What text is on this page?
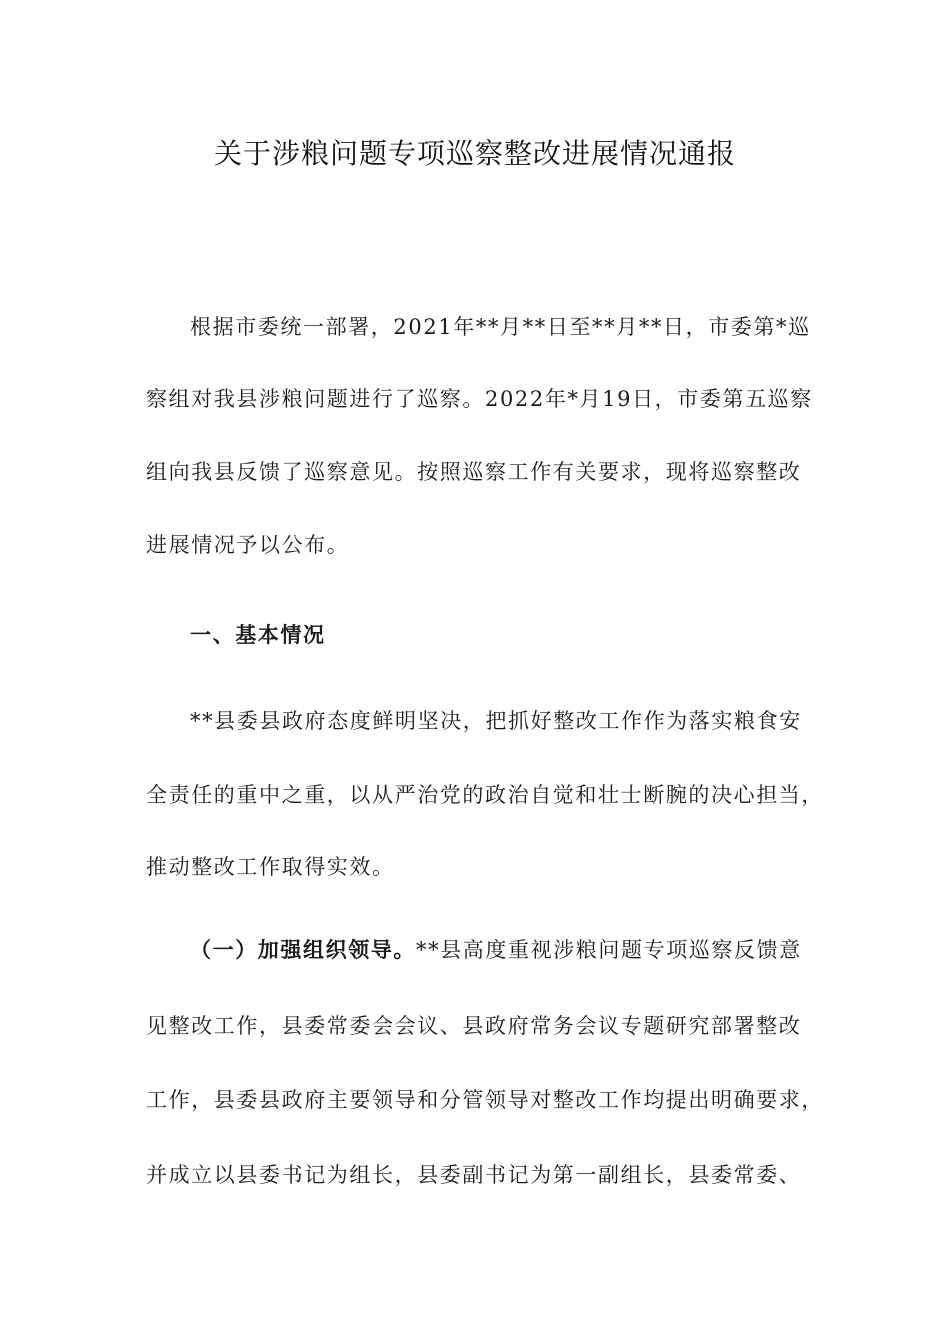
关于涉粮问题专项巡察整改进展情况通报
根据市委统一部署，2021年**月**日至**月**日，市委第*巡
察组对我县涉粮问题进行了巡察。2022年*月19日，市委第五巡察
组向我县反馈了巡察意见。按照巡察工作有关要求，现将巡察整改
进展情况予以公布。
一、基本情况
**县委县政府态度鲜明坚决，把抓好整改工作作为落实粮食安
全责任的重中之重，以从严治党的政治自觉和壮士断腕的决心担当，
推动整改工作取得实效。
（一）加强组织领导。**县高度重视涉粮问题专项巡察反馈意
见整改工作，县委常委会会议、县政府常务会议专题研究部署整改
工作，县委县政府主要领导和分管领导对整改工作均提出明确要求，
并成立以县委书记为组长，县委副书记为第一副组长，县委常委、
